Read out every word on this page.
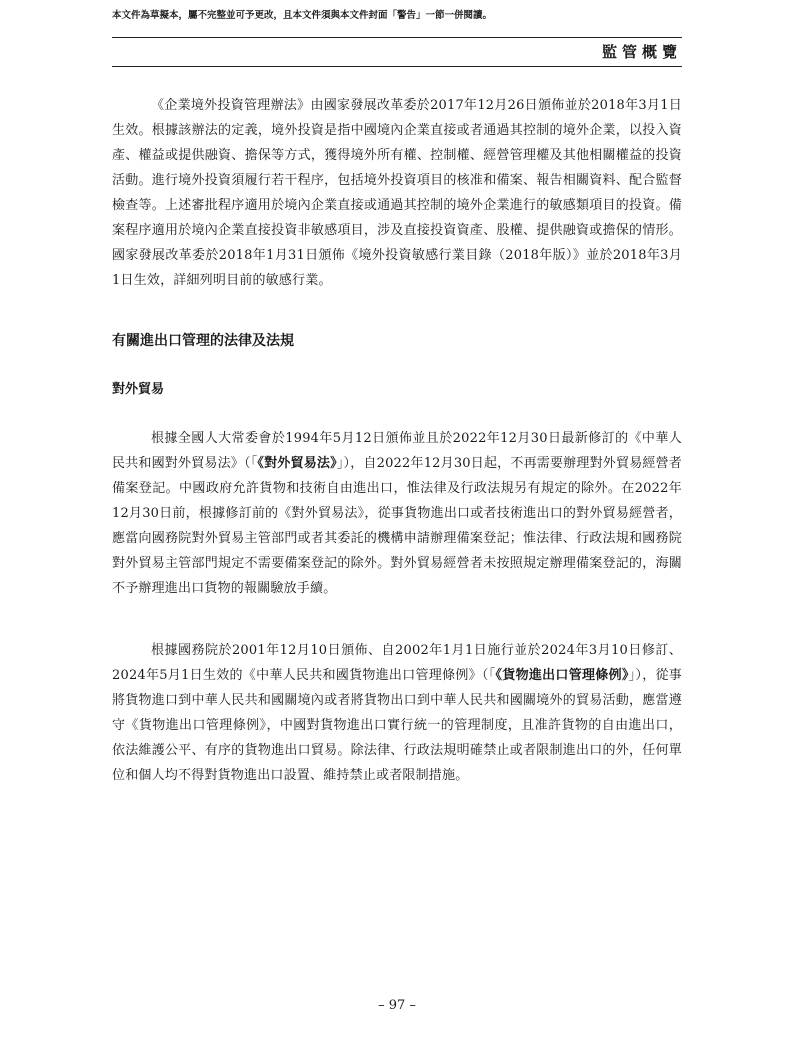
本文件為草擬本，屬不完整並可予更改，且本文件須與本文件封面「警告」一節一併閱讀。
監管概覽

《企業境外投資管理辦法》由國家發展改革委於2017年12月26日頒佈並於2018年3月1日生效。根據該辦法的定義，境外投資是指中國境內企業直接或者通過其控制的境外企業，以投入資產、權益或提供融資、擔保等方式，獲得境外所有權、控制權、經營管理權及其他相關權益的投資活動。進行境外投資須履行若干程序，包括境外投資項目的核准和備案、報告相關資料、配合監督檢查等。上述審批程序適用於境內企業直接或通過其控制的境外企業進行的敏感類項目的投資。備案程序適用於境內企業直接投資非敏感項目，涉及直接投資資產、股權、提供融資或擔保的情形。國家發展改革委於2018年1月31日頒佈《境外投資敏感行業目錄（2018年版）》並於2018年3月1日生效，詳細列明目前的敏感行業。

有關進出口管理的法律及法規
對外貿易

根據全國人大常委會於1994年5月12日頒佈並且於2022年12月30日最新修訂的《中華人民共和國對外貿易法》（「《對外貿易法》」），自2022年12月30日起，不再需要辦理對外貿易經營者備案登記。中國政府允許貨物和技術自由進出口，惟法律及行政法規另有規定的除外。在2022年12月30日前，根據修訂前的《對外貿易法》，從事貨物進出口或者技術進出口的對外貿易經營者，應當向國務院對外貿易主管部門或者其委託的機構申請辦理備案登記；惟法律、行政法規和國務院對外貿易主管部門規定不需要備案登記的除外。對外貿易經營者未按照規定辦理備案登記的，海關不予辦理進出口貨物的報關驗放手續。

根據國務院於2001年12月10日頒佈、自2002年1月1日施行並於2024年3月10日修訂、2024年5月1日生效的《中華人民共和國貨物進出口管理條例》（「《貨物進出口管理條例》」），從事將貨物進口到中華人民共和國關境內或者將貨物出口到中華人民共和國關境外的貿易活動，應當遵守《貨物進出口管理條例》，中國對貨物進出口實行統一的管理制度，且准許貨物的自由進出口，依法維護公平、有序的貨物進出口貿易。除法律、行政法規明確禁止或者限制進出口的外，任何單位和個人均不得對貨物進出口設置、維持禁止或者限制措施。

– 97 –
